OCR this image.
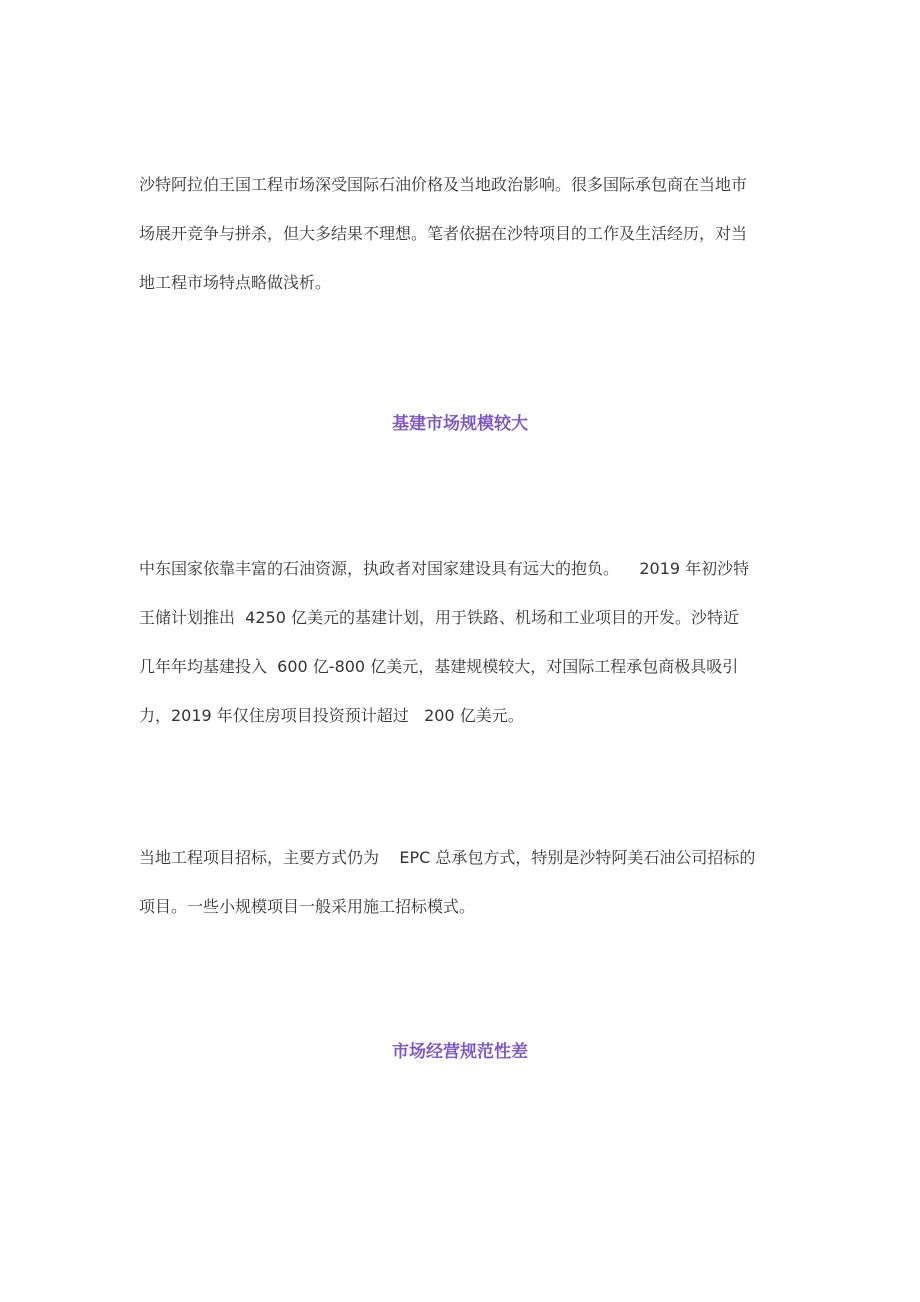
沙特阿拉伯王国工程市场深受国际石油价格及当地政治影响。很多国际承包商在当地市
场展开竞争与拼杀，但大多结果不理想。笔者依据在沙特项目的工作及生活经历，对当
地工程市场特点略做浅析。
基建市场规模较大
中东国家依靠丰富的石油资源，执政者对国家建设具有远大的抱负。    2019 年初沙特
王储计划推出  4250 亿美元的基建计划，用于铁路、机场和工业项目的开发。沙特近
几年年均基建投入  600 亿-800 亿美元，基建规模较大，对国际工程承包商极具吸引
力，2019 年仅住房项目投资预计超过   200 亿美元。
当地工程项目招标，主要方式仍为    EPC 总承包方式，特别是沙特阿美石油公司招标的
项目。一些小规模项目一般采用施工招标模式。
市场经营规范性差
